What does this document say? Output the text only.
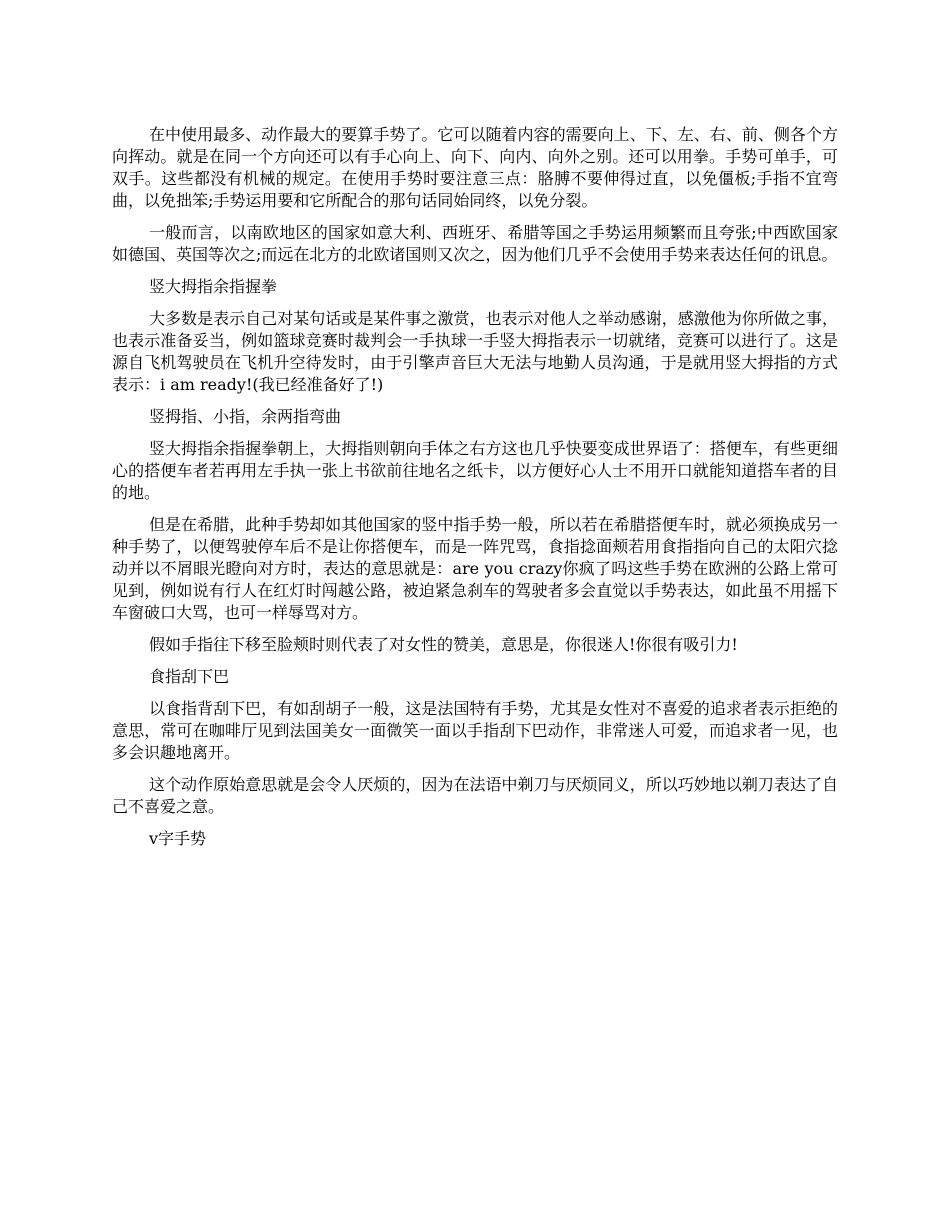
在中使用最多、动作最大的要算手势了。它可以随着内容的需要向上、下、左、右、前、侧各个方向挥动。就是在同一个方向还可以有手心向上、向下、向内、向外之别。还可以用拳。手势可单手，可双手。这些都没有机械的规定。在使用手势时要注意三点：胳膊不要伸得过直，以免僵板;手指不宜弯曲，以免拙笨;手势运用要和它所配合的那句话同始同终，以免分裂。

一般而言，以南欧地区的国家如意大利、西班牙、希腊等国之手势运用频繁而且夸张;中西欧国家如德国、英国等次之;而远在北方的北欧诸国则又次之，因为他们几乎不会使用手势来表达任何的讯息。

竖大拇指余指握拳

大多数是表示自己对某句话或是某件事之激赏，也表示对他人之举动感谢，感激他为你所做之事，也表示准备妥当，例如篮球竞赛时裁判会一手执球一手竖大拇指表示一切就绪，竞赛可以进行了。这是源自飞机驾驶员在飞机升空待发时，由于引擎声音巨大无法与地勤人员沟通，于是就用竖大拇指的方式表示：i am ready!(我已经准备好了!)

竖拇指、小指，余两指弯曲

竖大拇指余指握拳朝上，大拇指则朝向手体之右方这也几乎快要变成世界语了：搭便车，有些更细心的搭便车者若再用左手执一张上书欲前往地名之纸卡，以方便好心人士不用开口就能知道搭车者的目的地。

但是在希腊，此种手势却如其他国家的竖中指手势一般，所以若在希腊搭便车时，就必须换成另一种手势了，以便驾驶停车后不是让你搭便车，而是一阵咒骂，食指捻面颊若用食指指向自己的太阳穴捻动并以不屑眼光瞪向对方时，表达的意思就是：are you crazy你疯了吗这些手势在欧洲的公路上常可见到，例如说有行人在红灯时闯越公路，被迫紧急刹车的驾驶者多会直觉以手势表达，如此虽不用摇下车窗破口大骂，也可一样辱骂对方。

假如手指往下移至脸颊时则代表了对女性的赞美，意思是，你很迷人!你很有吸引力!

食指刮下巴

以食指背刮下巴，有如刮胡子一般，这是法国特有手势，尤其是女性对不喜爱的追求者表示拒绝的意思，常可在咖啡厅见到法国美女一面微笑一面以手指刮下巴动作，非常迷人可爱，而追求者一见，也多会识趣地离开。

这个动作原始意思就是会令人厌烦的，因为在法语中剃刀与厌烦同义，所以巧妙地以剃刀表达了自己不喜爱之意。

v字手势
